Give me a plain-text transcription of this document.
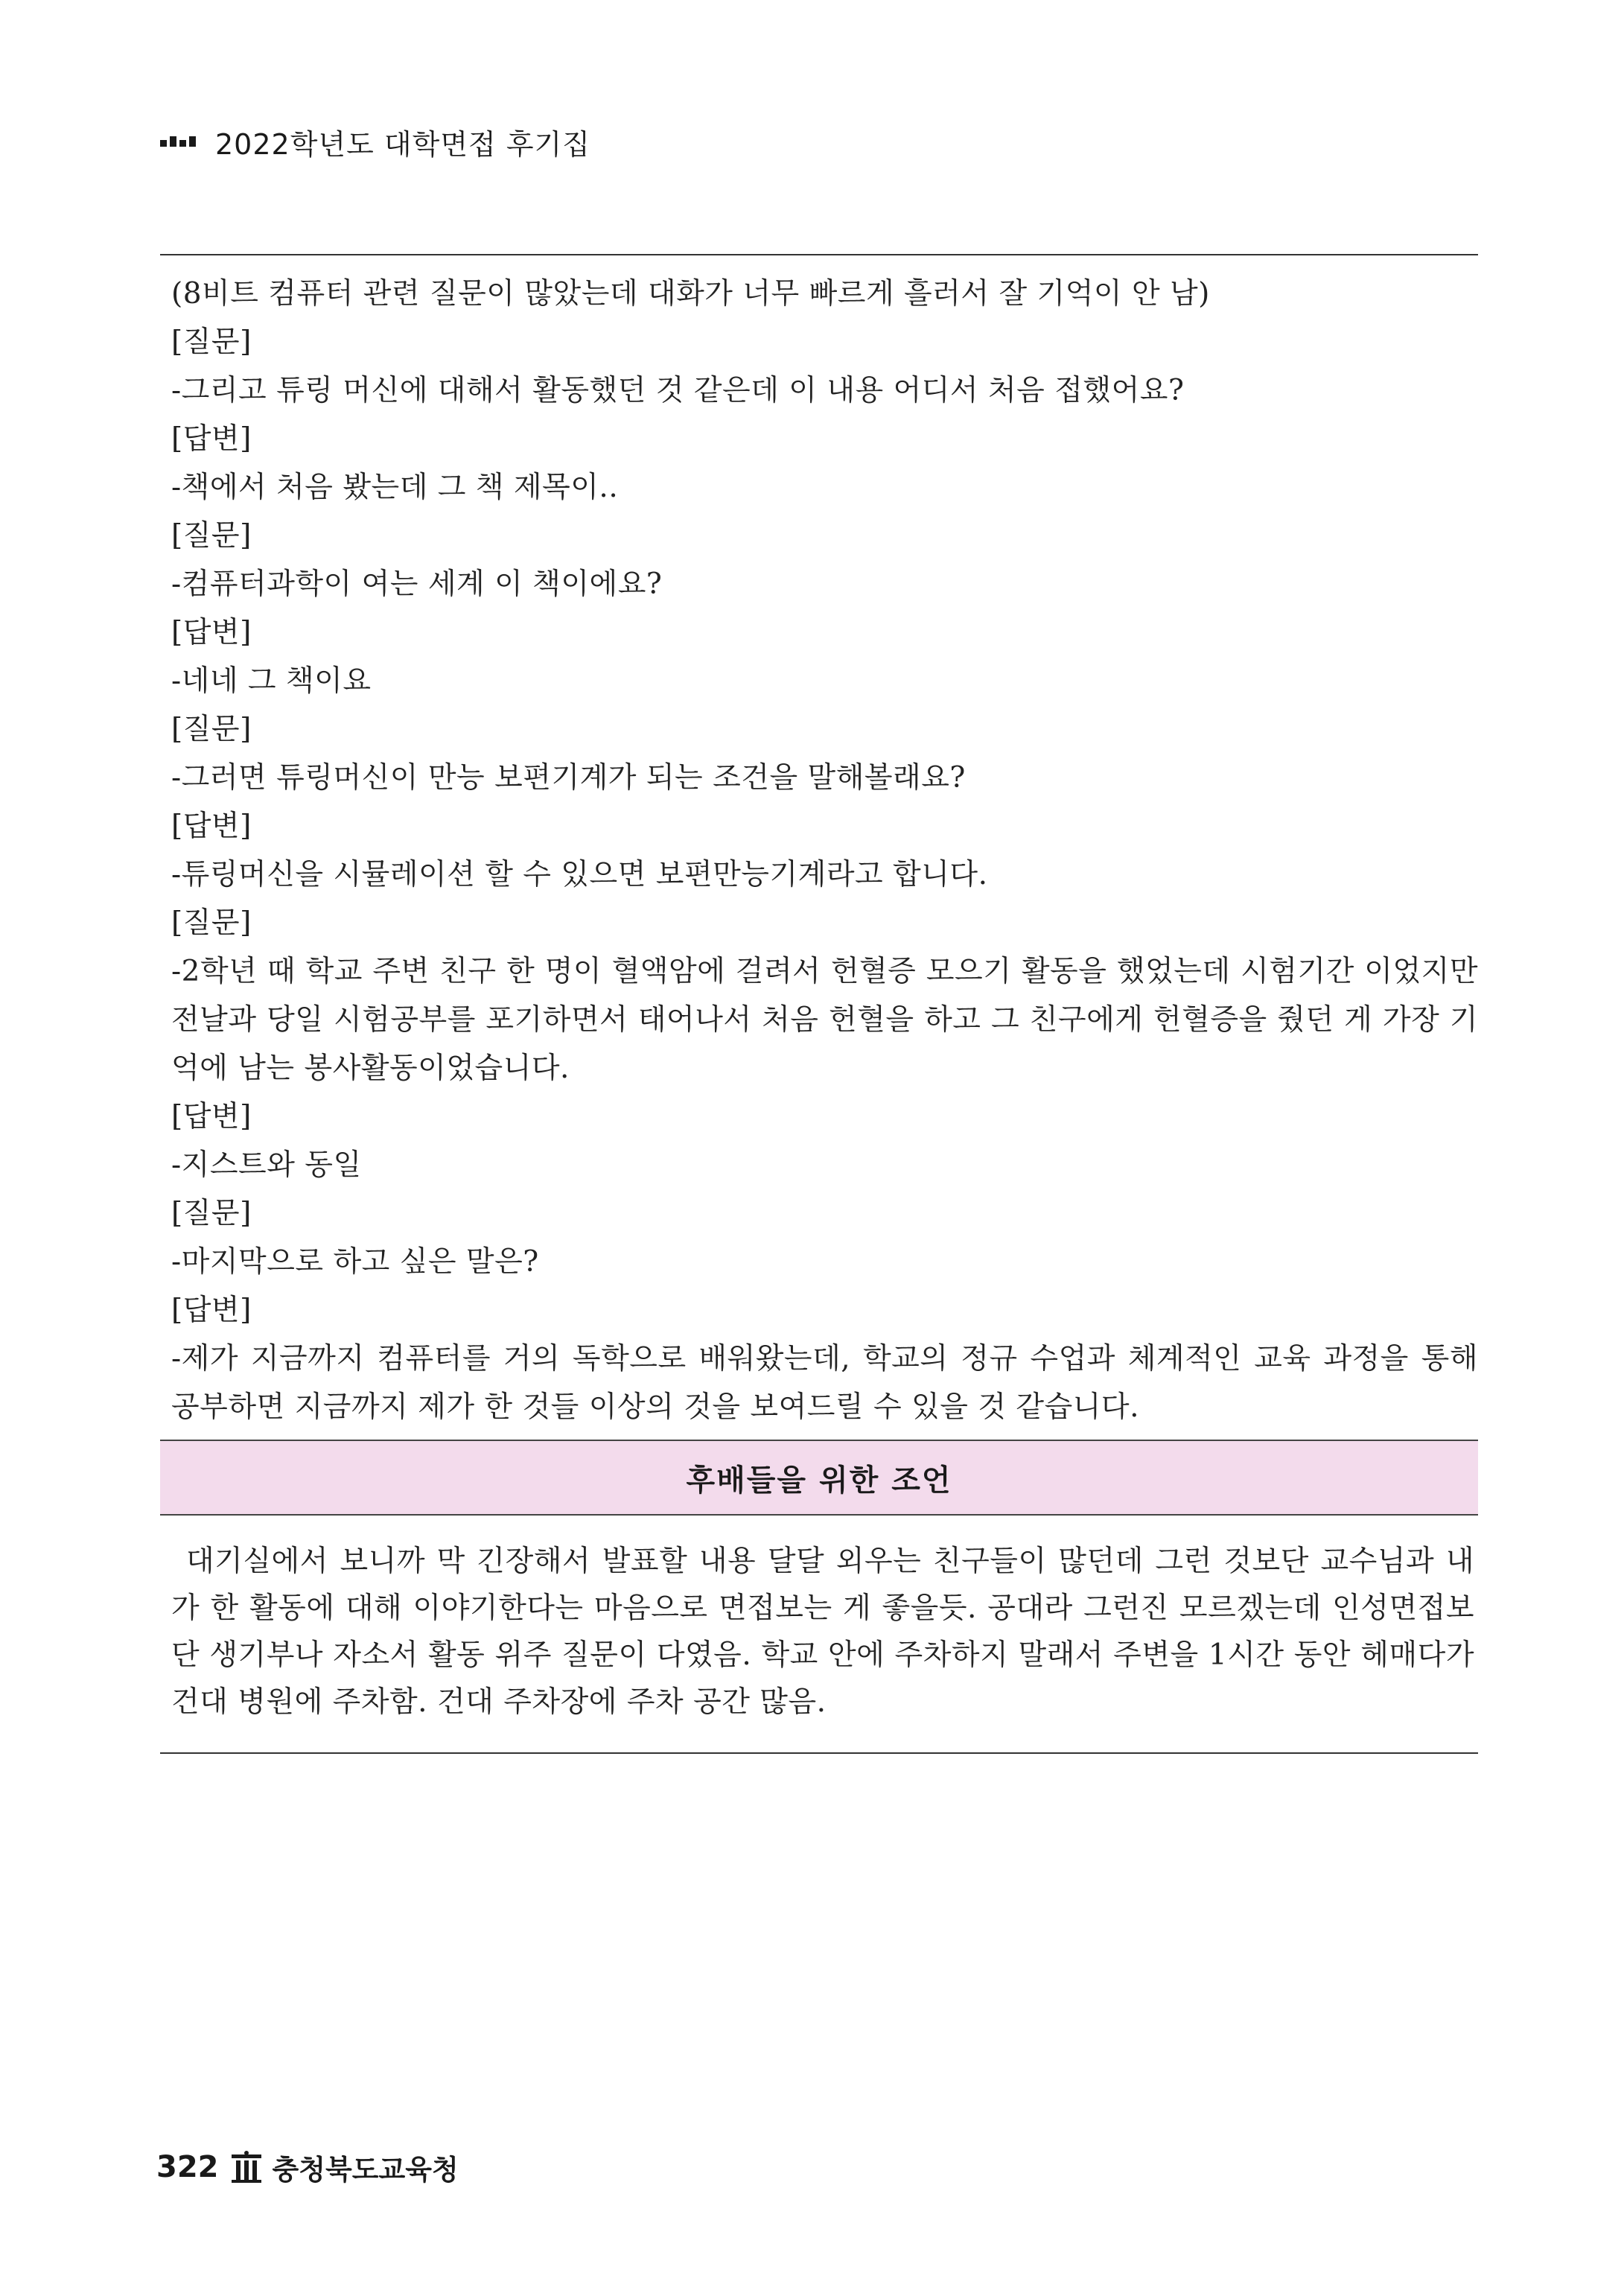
2022학년도 대학면접 후기집
(8비트 컴퓨터 관련 질문이 많았는데 대화가 너무 빠르게 흘러서 잘 기억이 안 남)
[질문]
-그리고 튜링 머신에 대해서 활동했던 것 같은데 이 내용 어디서 처음 접했어요?
[답변]
-책에서 처음 봤는데 그 책 제목이..
[질문]
-컴퓨터과학이 여는 세계 이 책이에요?
[답변]
-네네 그 책이요
[질문]
-그러면 튜링머신이 만능 보편기계가 되는 조건을 말해볼래요?
[답변]
-튜링머신을 시뮬레이션 할 수 있으면 보편만능기계라고 합니다.
[질문]
-2학년 때 학교 주변 친구 한 명이 혈액암에 걸려서 헌혈증 모으기 활동을 했었는데 시험기간 이었지만 전날과 당일 시험공부를 포기하면서 태어나서 처음 헌혈을 하고 그 친구에게 헌혈증을 줬던 게 가장 기억에 남는 봉사활동이었습니다.
[답변]
-지스트와 동일
[질문]
-마지막으로 하고 싶은 말은?
[답변]
-제가 지금까지 컴퓨터를 거의 독학으로 배워왔는데, 학교의 정규 수업과 체계적인 교육 과정을 통해 공부하면 지금까지 제가 한 것들 이상의 것을 보여드릴 수 있을 것 같습니다.
후배들을 위한 조언

대기실에서 보니까 막 긴장해서 발표할 내용 달달 외우는 친구들이 많던데 그런 것보단 교수님과 내가 한 활동에 대해 이야기한다는 마음으로 면접보는 게 좋을듯. 공대라 그런진 모르겠는데 인성면접보단 생기부나 자소서 활동 위주 질문이 다였음. 학교 안에 주차하지 말래서 주변을 1시간 동안 헤매다가 건대 병원에 주차함. 건대 주차장에 주차 공간 많음.

322 충청북도교육청
